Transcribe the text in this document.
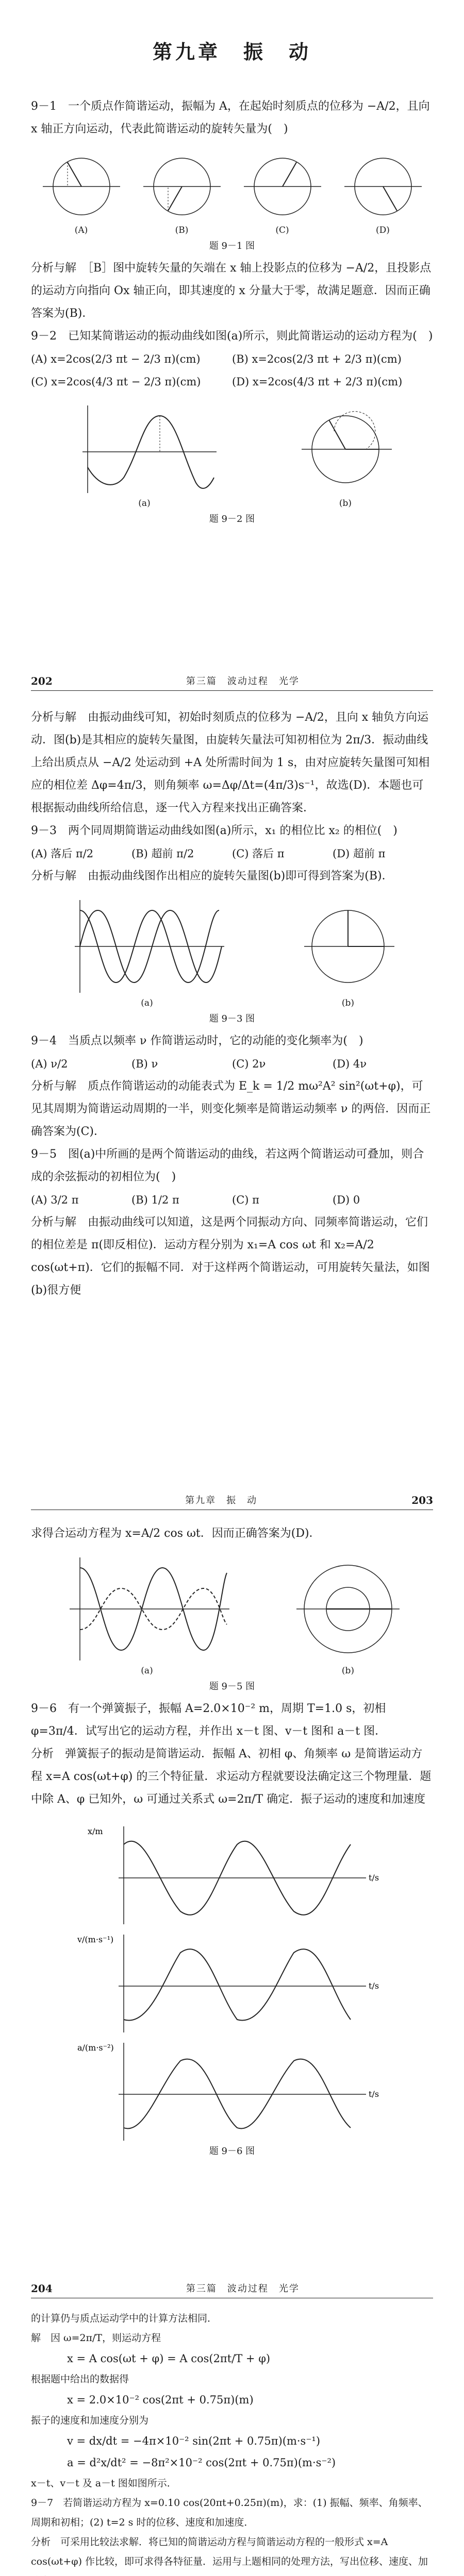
第九章　振　动

9－1　一个质点作简谐运动，振幅为 A，在起始时刻质点的位移为 −A/2，且向 x 轴正方向运动，代表此简谐运动的旋转矢量为(　)

(A)	(B)	(C)	(D)
题 9－1 图

分析与解　［B］图中旋转矢量的矢端在 x 轴上投影点的位移为 −A/2，且投影点的运动方向指向 Ox 轴正向，即其速度的 x 分量大于零，故满足题意．因而正确答案为(B)．

9－2　已知某简谐运动的振动曲线如图(a)所示，则此简谐运动的运动方程为(　)

(A) x=2cos(2/3 πt − 2/3 π)(cm)	(B) x=2cos(2/3 πt + 2/3 π)(cm)
(C) x=2cos(4/3 πt − 2/3 π)(cm)	(D) x=2cos(4/3 πt + 2/3 π)(cm)
(a)	(b)
题 9－2 图
202	第三篇　波动过程　光学

分析与解　由振动曲线可知，初始时刻质点的位移为 −A/2，且向 x 轴负方向运动．图(b)是其相应的旋转矢量图，由旋转矢量法可知初相位为 2π/3．振动曲线上给出质点从 −A/2 处运动到 +A 处所需时间为 1 s，由对应旋转矢量图可知相应的相位差 Δφ=4π/3，则角频率 ω=Δφ/Δt=(4π/3)s⁻¹，故选(D)．本题也可根据振动曲线所给信息，逐一代入方程来找出正确答案．

9－3　两个同周期简谐运动曲线如图(a)所示，x₁ 的相位比 x₂ 的相位(　)

(A) 落后 π/2	(B) 超前 π/2	(C) 落后 π	(D) 超前 π

分析与解　由振动曲线图作出相应的旋转矢量图(b)即可得到答案为(B)．

(a)	(b)
题 9－3 图

9－4　当质点以频率 ν 作简谐运动时，它的动能的变化频率为(　)

(A) ν/2	(B) ν	(C) 2ν	(D) 4ν

分析与解　质点作简谐运动的动能表式为 E_k = 1/2 mω²A² sin²(ωt+φ)，可见其周期为简谐运动周期的一半，则变化频率是简谐运动频率 ν 的两倍．因而正确答案为(C)．

9－5　图(a)中所画的是两个简谐运动的曲线，若这两个简谐运动可叠加，则合成的余弦振动的初相位为(　)

(A) 3/2 π	(B) 1/2 π	(C) π	(D) 0

分析与解　由振动曲线可以知道，这是两个同振动方向、同频率简谐运动，它们的相位差是 π(即反相位)．运动方程分别为 x₁=A cos ωt 和 x₂=A/2 cos(ωt+π)．它们的振幅不同．对于这样两个简谐运动，可用旋转矢量法，如图(b)很方便

第九章　振　动	203

求得合运动方程为 x=A/2 cos ωt．因而正确答案为(D)．

(a)	(b)
题 9－5 图

9－6　有一个弹簧振子，振幅 A=2.0×10⁻² m，周期 T=1.0 s，初相 φ=3π/4．试写出它的运动方程，并作出 x－t 图、v－t 图和 a－t 图．

分析　弹簧振子的振动是简谐运动．振幅 A、初相 φ、角频率 ω 是简谐运动方程 x=A cos(ωt+φ) 的三个特征量．求运动方程就要设法确定这三个物理量．题中除 A、φ 已知外，ω 可通过关系式 ω=2π/T 确定．振子运动的速度和加速度

x/m
t/s
v/(m·s⁻¹)
t/s
a/(m·s⁻²)
t/s
题 9－6 图
204	第三篇　波动过程　光学
的计算仍与质点运动学中的计算方法相同．
解　因 ω=2π/T，则运动方程
x = A cos(ωt + φ) = A cos(2πt/T + φ)
根据题中给出的数据得
x = 2.0×10⁻² cos(2πt + 0.75π)(m)
振子的速度和加速度分别为
v = dx/dt = −4π×10⁻² sin(2πt + 0.75π)(m·s⁻¹)
a = d²x/dt² = −8π²×10⁻² cos(2πt + 0.75π)(m·s⁻²)
x－t、v－t 及 a－t 图如图所示．
9－7　若简谐运动方程为 x=0.10 cos(20πt+0.25π)(m)，求：(1) 振幅、频率、角频率、周期和初相；(2) t=2 s 时的位移、速度和加速度．
分析　可采用比较法求解．将已知的简谐运动方程与简谐运动方程的一般形式 x=A cos(ωt+φ) 作比较，即可求得各特征量．运用与上题相同的处理方法，写出位移、速度、加
